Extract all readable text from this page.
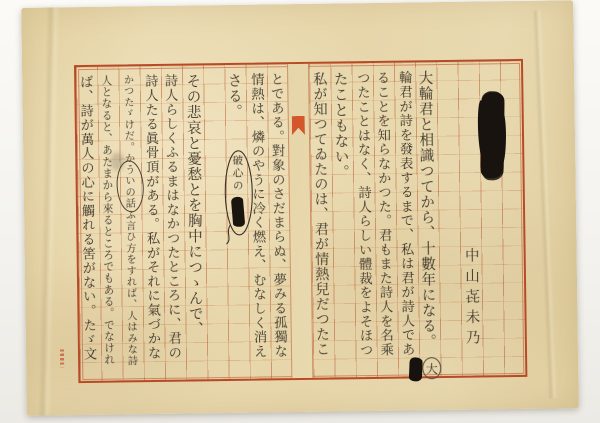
中山㐂未乃
大輪君と相識つてから、十數年になる。
輪君が詩を發表するまで、私は君が詩人であ
ることを知らなかつた。君もまた詩人を名乘
つたことはなく、詩人らしい體裁をよそほつ
たこともない。
私が知つてゐたのは、君が情熱兒だつたこ
とである。對象のさだまらぬ、夢みる孤獨な
情熱は、燐のやうに冷く燃え、むなしく消え
さる。
その悲哀と憂愁とを胸中につゝんで、
詩人らしくふるまはなかつたところに、君の
詩人たる眞骨頂がある。私がそれに氣づかな
かつたゞけだ。かういの話ふ言ひ方をすれば、人はみな詩
人となると、あたまから來るところでもある。でなけれ
ば、詩が萬人の心に觸れる筈がない。たゞ文	破心の
大
